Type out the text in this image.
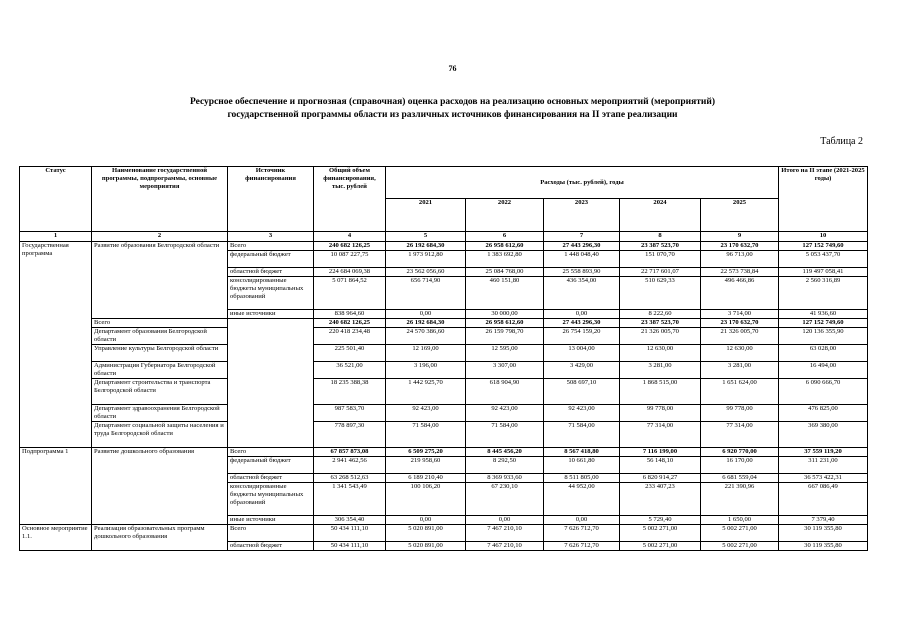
76
Ресурсное обеспечение и прогнозная (справочная) оценка расходов на реализацию основных мероприятий (мероприятий)
государственной программы области из различных источников финансирования на II этапе реализации
Таблица 2
Статус	Наименование государственной программы, подпрограммы, основные мероприятия	Источник финансирования	Общий объем финансирования, тыс. рублей	Расходы (тыс. рублей), годы					Итого на II этапе (2021-2025 годы)
				2021	2022	2023	2024	2025	
1	2	3	4	5	6	7	8	9	10
Государственная программа	Развитие образования Белгородской области	Всего	240 682 126,25	26 192 684,30	26 958 612,60	27 443 296,30	23 387 523,70	23 170 632,70	127 152 749,60
		федеральный бюджет	10 087 227,75	1 973 912,80	1 383 692,80	1 448 048,40	151 070,70	96 713,00	5 053 437,70
		областной бюджет	224 684 069,38	23 562 056,60	25 084 768,00	25 558 893,90	22 717 601,07	22 573 738,84	119 497 058,41
		консолидированные бюджеты муниципальных образований	5 071 864,52	656 714,90	460 151,80	436 354,00	510 629,33	496 466,86	2 560 316,89
		иные источники	838 964,60	0,00	30 000,00	0,00	8 222,60	3 714,00	41 936,60
	Всего		240 682 126,25	26 192 684,30	26 958 612,60	27 443 296,30	23 387 523,70	23 170 632,70	127 152 749,60
	Департамент образования Белгородской области		220 418 234,48	24 570 386,60	26 159 798,70	26 754 159,20	21 326 005,70	21 326 005,70	120 136 355,90
	Управление культуры Белгородской области		225 501,40	12 169,00	12 595,00	13 004,00	12 630,00	12 630,00	63 028,00
	Администрация Губернатора Белгородской области		36 521,00	3 196,00	3 307,00	3 429,00	3 281,00	3 281,00	16 494,00
	Департамент строительства и транспорта Белгородской области		18 235 388,38	1 442 925,70	618 904,90	508 697,10	1 868 515,00	1 651 624,00	6 090 666,70
	Департамент здравоохранения Белгородской области		987 583,70	92 423,00	92 423,00	92 423,00	99 778,00	99 778,00	476 825,00
	Департамент социальной защиты населения и труда Белгородской области		778 897,30	71 584,00	71 584,00	71 584,00	77 314,00	77 314,00	369 380,00
Подпрограмма 1	Развитие дошкольного образования	Всего	67 857 873,08	6 509 275,20	8 445 456,20	8 567 418,80	7 116 199,00	6 920 770,00	37 559 119,20
		федеральный бюджет	2 941 462,56	219 958,60	8 292,50	10 661,80	56 148,10	16 170,00	311 231,00
		областной бюджет	63 268 512,63	6 189 210,40	8 369 933,60	8 511 805,00	6 820 914,27	6 681 559,04	36 573 422,31
		консолидированные бюджеты муниципальных образований	1 341 543,49	100 106,20	67 230,10	44 952,00	233 407,23	221 390,96	667 086,49
		иные источники	306 354,40	0,00	0,00	0,00	5 729,40	1 650,00	7 379,40
Основное мероприятие 1.1.	Реализация образовательных программ дошкольного образования	Всего	50 434 111,10	5 020 891,00	7 467 210,10	7 626 712,70	5 002 271,00	5 002 271,00	30 119 355,80
		областной бюджет	50 434 111,10	5 020 891,00	7 467 210,10	7 626 712,70	5 002 271,00	5 002 271,00	30 119 355,80
